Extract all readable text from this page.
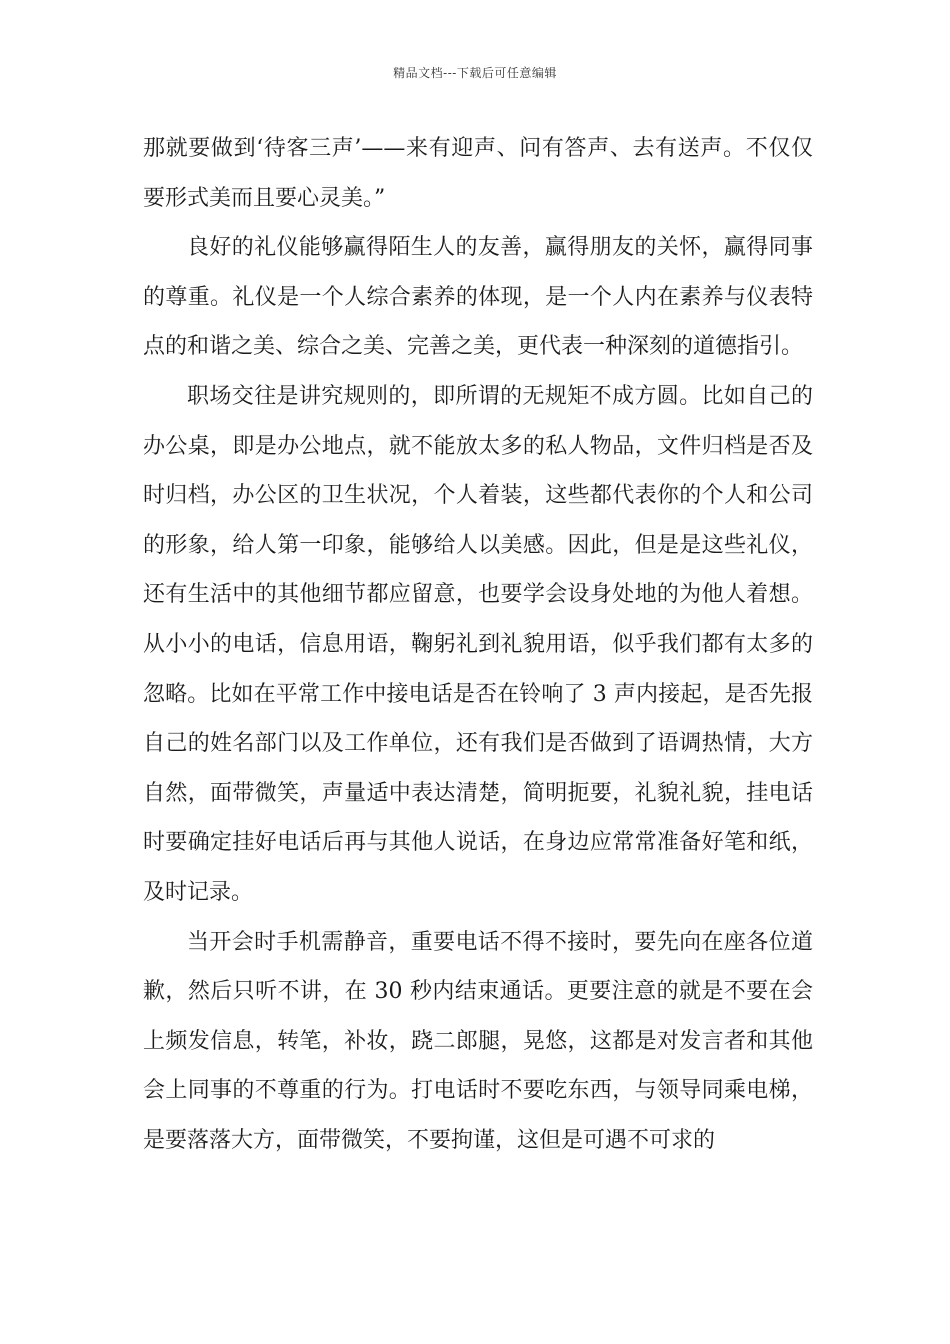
精品文档---下载后可任意编辑

那就要做到‘待客三声’——来有迎声、问有答声、去有送声。不仅仅要形式美而且要心灵美。”

良好的礼仪能够赢得陌生人的友善，赢得朋友的关怀，赢得同事的尊重。礼仪是一个人综合素养的体现，是一个人内在素养与仪表特点的和谐之美、综合之美、完善之美，更代表一种深刻的道德指引。

职场交往是讲究规则的，即所谓的无规矩不成方圆。比如自己的办公桌，即是办公地点，就不能放太多的私人物品，文件归档是否及时归档，办公区的卫生状况，个人着装，这些都代表你的个人和公司的形象，给人第一印象，能够给人以美感。因此，但是是这些礼仪，还有生活中的其他细节都应留意，也要学会设身处地的为他人着想。从小小的电话，信息用语，鞠躬礼到礼貌用语，似乎我们都有太多的忽略。比如在平常工作中接电话是否在铃响了 3 声内接起，是否先报自己的姓名部门以及工作单位，还有我们是否做到了语调热情，大方自然，面带微笑，声量适中表达清楚，简明扼要，礼貌礼貌，挂电话时要确定挂好电话后再与其他人说话，在身边应常常准备好笔和纸，及时记录。

当开会时手机需静音，重要电话不得不接时，要先向在座各位道歉，然后只听不讲，在 30 秒内结束通话。更要注意的就是不要在会上频发信息，转笔，补妆，跷二郎腿，晃悠，这都是对发言者和其他会上同事的不尊重的行为。打电话时不要吃东西，与领导同乘电梯，是要落落大方，面带微笑，不要拘谨，这但是可遇不可求的
